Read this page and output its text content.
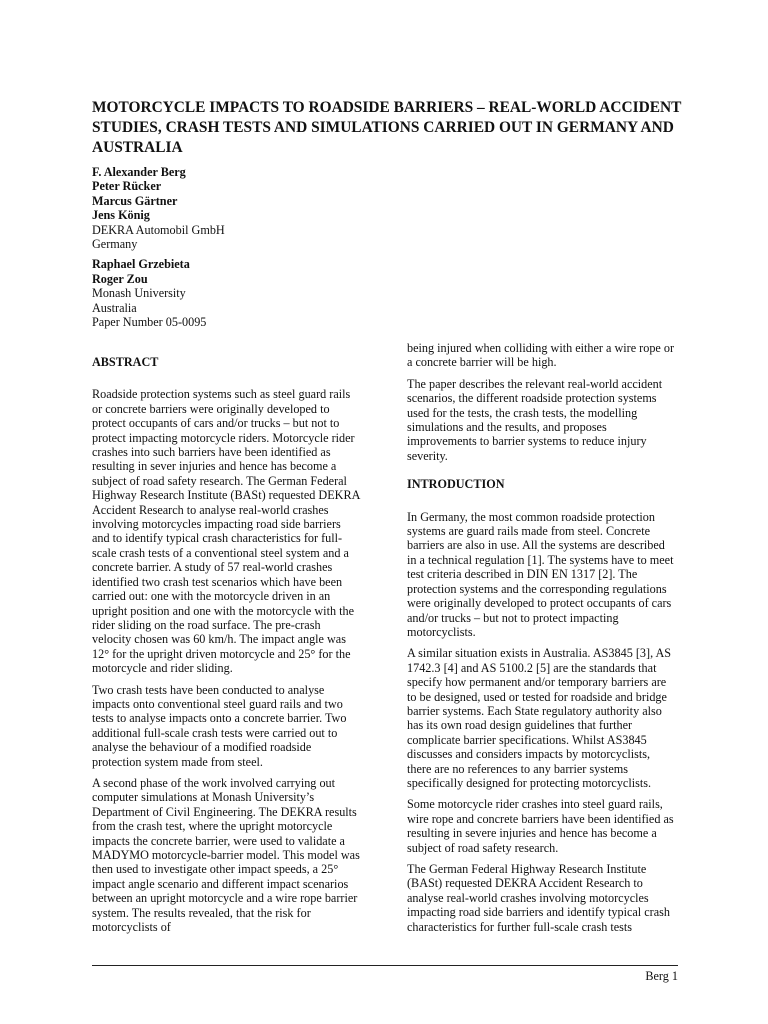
MOTORCYCLE IMPACTS TO ROADSIDE BARRIERS – REAL-WORLD ACCIDENT STUDIES, CRASH TESTS AND SIMULATIONS CARRIED OUT IN GERMANY AND AUSTRALIA
F. Alexander Berg
Peter Rücker
Marcus Gärtner
Jens König
DEKRA Automobil GmbH
Germany
Raphael Grzebieta
Roger Zou
Monash University
Australia
Paper Number 05-0095
ABSTRACT

Roadside protection systems such as steel guard rails or concrete barriers were originally developed to protect occupants of cars and/or trucks – but not to protect impacting motorcycle riders. Motorcycle rider crashes into such barriers have been identified as resulting in sever injuries and hence has become a subject of road safety research. The German Federal Highway Research Institute (BASt) requested DEKRA Accident Research to analyse real-world crashes involving motorcycles impacting road side barriers and to identify typical crash characteristics for full-scale crash tests of a conventional steel system and a concrete barrier. A study of 57 real-world crashes identified two crash test scenarios which have been carried out: one with the motorcycle driven in an upright position and one with the motorcycle with the rider sliding on the road surface. The pre-crash velocity chosen was 60 km/h. The impact angle was 12° for the upright driven motorcycle and 25° for the motorcycle and rider sliding.

Two crash tests have been conducted to analyse impacts onto conventional steel guard rails and two tests to analyse impacts onto a concrete barrier. Two additional full-scale crash tests were carried out to analyse the behaviour of a modified roadside protection system made from steel.

A second phase of the work involved carrying out computer simulations at Monash University’s Department of Civil Engineering. The DEKRA results from the crash test, where the upright motorcycle impacts the concrete barrier, were used to validate a MADYMO motorcycle-barrier model. This model was then used to investigate other impact speeds, a 25° impact angle scenario and different impact scenarios between an upright motorcycle and a wire rope barrier system. The results revealed, that the risk for motorcyclists of

being injured when colliding with either a wire rope or a concrete barrier will be high.

The paper describes the relevant real-world accident scenarios, the different roadside protection systems used for the tests, the crash tests, the modelling simulations and the results, and proposes improvements to barrier systems to reduce injury severity.

INTRODUCTION

In Germany, the most common roadside protection systems are guard rails made from steel. Concrete barriers are also in use. All the systems are described in a technical regulation [1]. The systems have to meet test criteria described in DIN EN 1317 [2]. The protection systems and the corresponding regulations were originally developed to protect occupants of cars and/or trucks – but not to protect impacting motorcyclists.

A similar situation exists in Australia. AS3845 [3], AS 1742.3 [4] and AS 5100.2 [5] are the standards that specify how permanent and/or temporary barriers are to be designed, used or tested for roadside and bridge barrier systems. Each State regulatory authority also has its own road design guidelines that further complicate barrier specifications. Whilst AS3845 discusses and considers impacts by motorcyclists, there are no references to any barrier systems specifically designed for protecting motorcyclists.

Some motorcycle rider crashes into steel guard rails, wire rope and concrete barriers have been identified as resulting in severe injuries and hence has become a subject of road safety research.

The German Federal Highway Research Institute (BASt) requested DEKRA Accident Research to analyse real-world crashes involving motorcycles impacting road side barriers and identify typical crash characteristics for further full-scale crash tests

Berg 1
